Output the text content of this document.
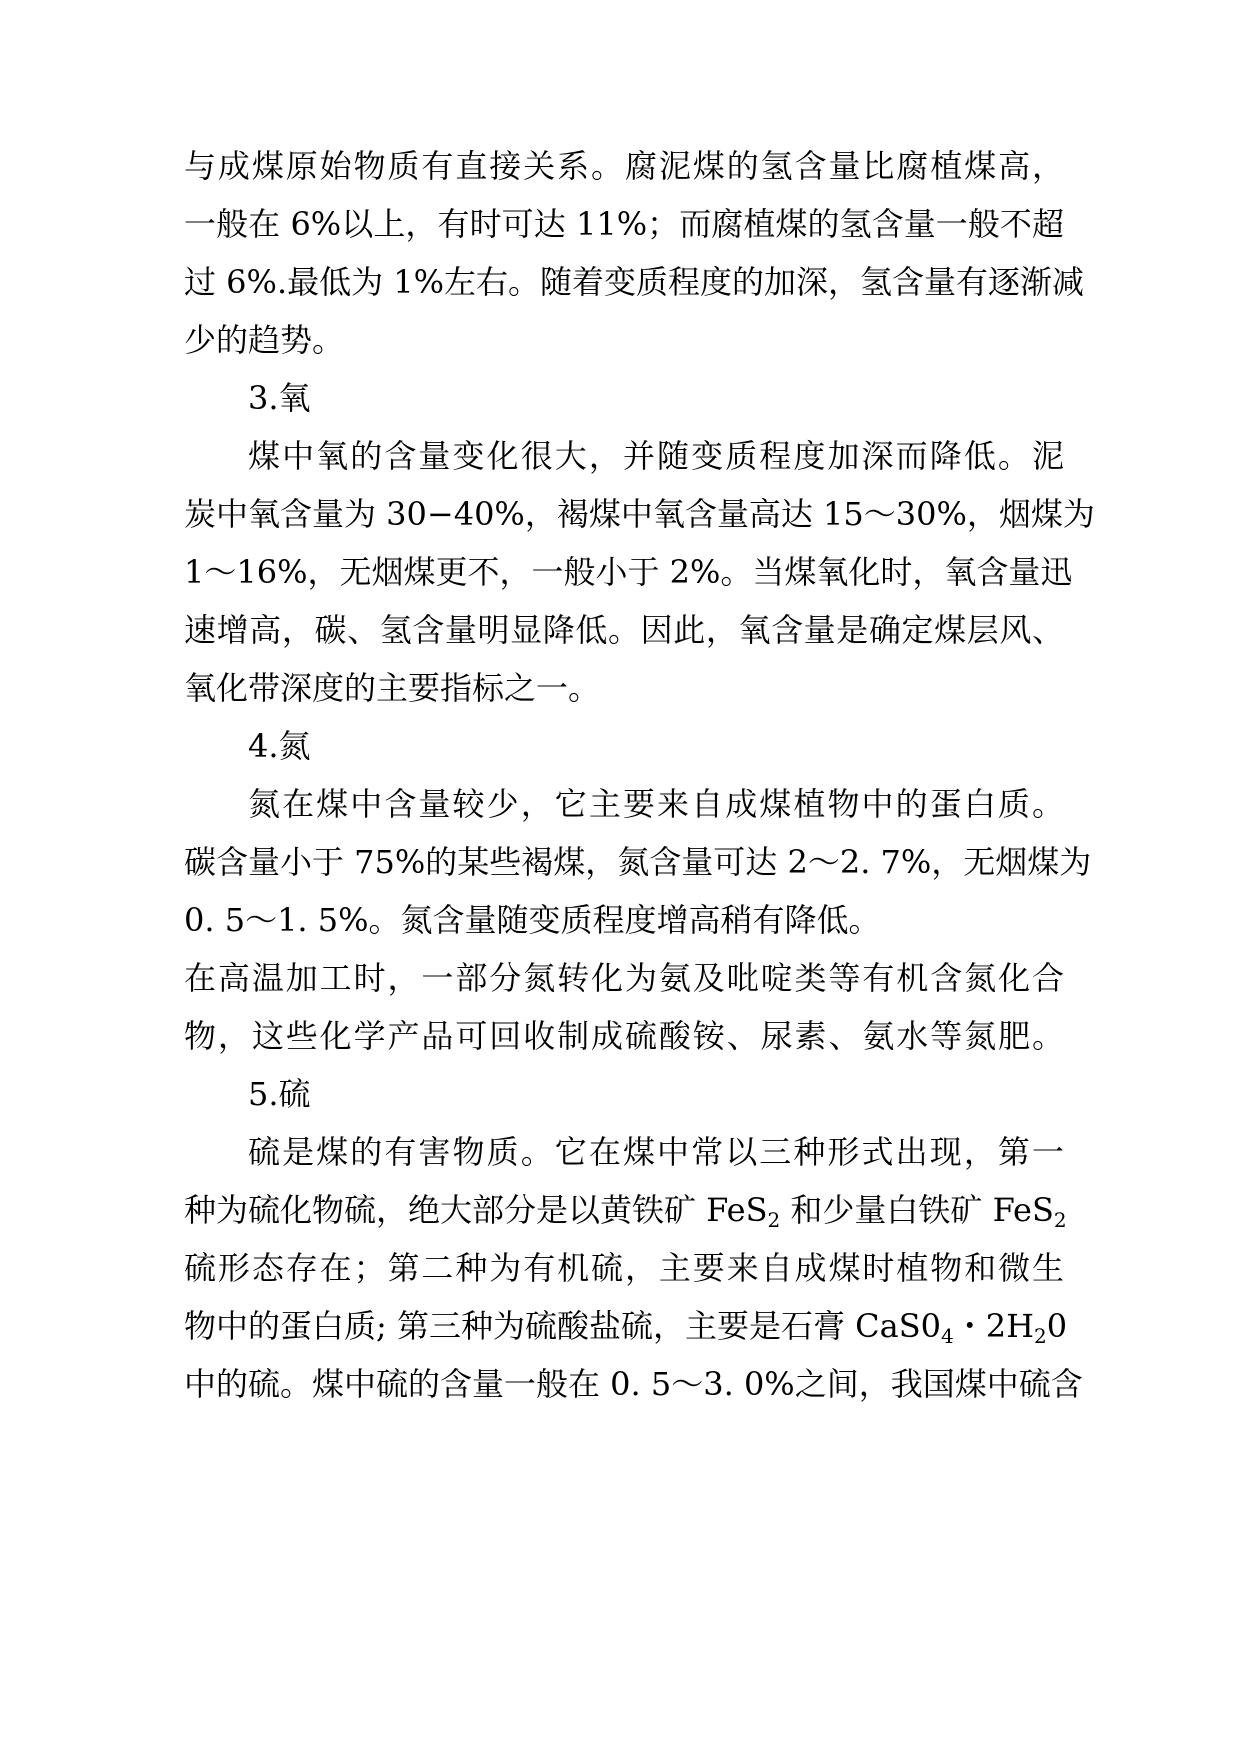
与成煤原始物质有直接关系。腐泥煤的氢含量比腐植煤高，
一般在 6%以上，有时可达 11%；而腐植煤的氢含量一般不超
过 6%.最低为 1%左右。随着变质程度的加深，氢含量有逐渐减
少的趋势。
3.氧
煤中氧的含量变化很大，并随变质程度加深而降低。泥
炭中氧含量为 30−40%，褐煤中氧含量高达 15～30%，烟煤为
1～16%，无烟煤更不，一般小于 2%。当煤氧化时，氧含量迅
速增高，碳、氢含量明显降低。因此，氧含量是确定煤层风、
氧化带深度的主要指标之一。
4.氮
氮在煤中含量较少，它主要来自成煤植物中的蛋白质。
碳含量小于 75%的某些褐煤，氮含量可达 2～2. 7%，无烟煤为
0. 5～1. 5%。氮含量随变质程度增高稍有降低。
在高温加工时，一部分氮转化为氨及吡啶类等有机含氮化合
物，这些化学产品可回收制成硫酸铵、尿素、氨水等氮肥。
5.硫
硫是煤的有害物质。它在煤中常以三种形式出现，第一
种为硫化物硫，绝大部分是以黄铁矿 FeS$_2$ 和少量白铁矿 FeS$_2$
硫形态存在；第二种为有机硫，主要来自成煤时植物和微生
物中的蛋白质; 第三种为硫酸盐硫，主要是石膏 $CaS0_4$・$2H_20$
中的硫。煤中硫的含量一般在 0. 5～3. 0%之间，我国煤中硫含
